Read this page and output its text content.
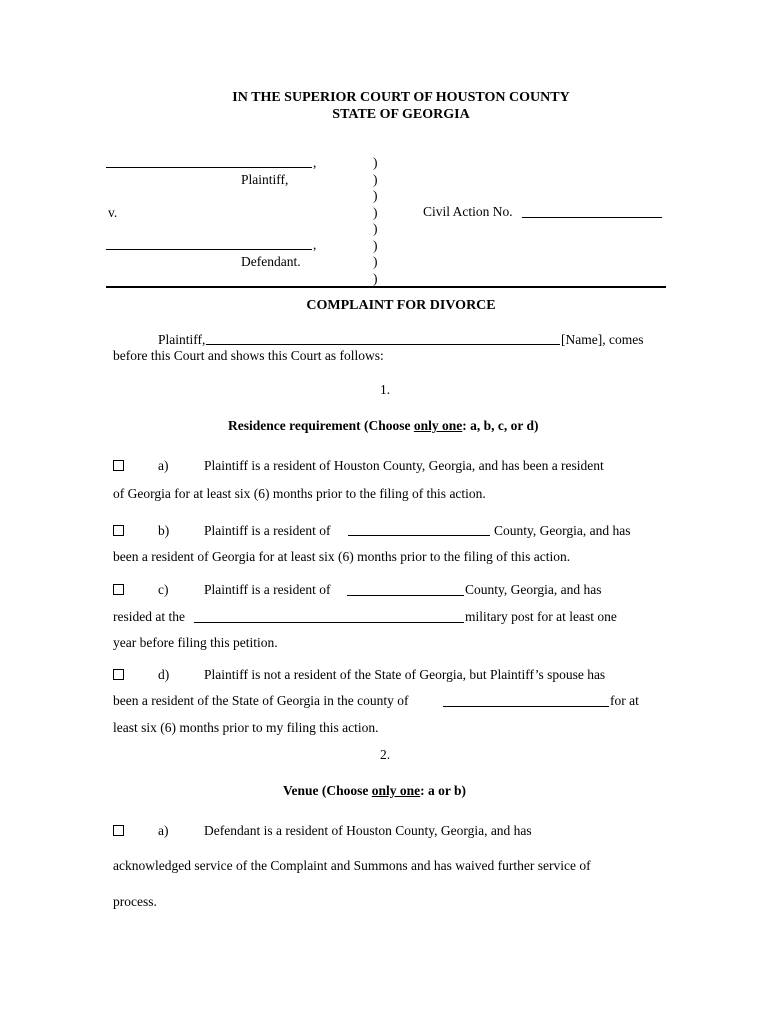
IN THE SUPERIOR COURT OF HOUSTON COUNTY
STATE OF GEORGIA
,
Plaintiff,
v.
,
Defendant.
)
)
)
)
)
)
)
)
Civil Action No.
COMPLAINT FOR DIVORCE
Plaintiff,	[Name], comes
before this Court and shows this Court as follows:
1.
Residence requirement (Choose only one: a, b, c, or d)
a)	Plaintiff is a resident of Houston County, Georgia, and has been a resident
of Georgia for at least six (6) months prior to the filing of this action.
b)	Plaintiff is a resident of	County, Georgia, and has
been a resident of Georgia for at least six (6) months prior to the filing of this action.
c)	Plaintiff is a resident of	County, Georgia, and has
resided at the	military post for at least one
year before filing this petition.
d)	Plaintiff is not a resident of the State of Georgia, but Plaintiff’s spouse has
been a resident of the State of Georgia in the county of	for at
least six (6) months prior to my filing this action.
2.
Venue (Choose only one: a or b)
a)	Defendant is a resident of Houston County, Georgia, and has
acknowledged service of the Complaint and Summons and has waived further service of
process.
